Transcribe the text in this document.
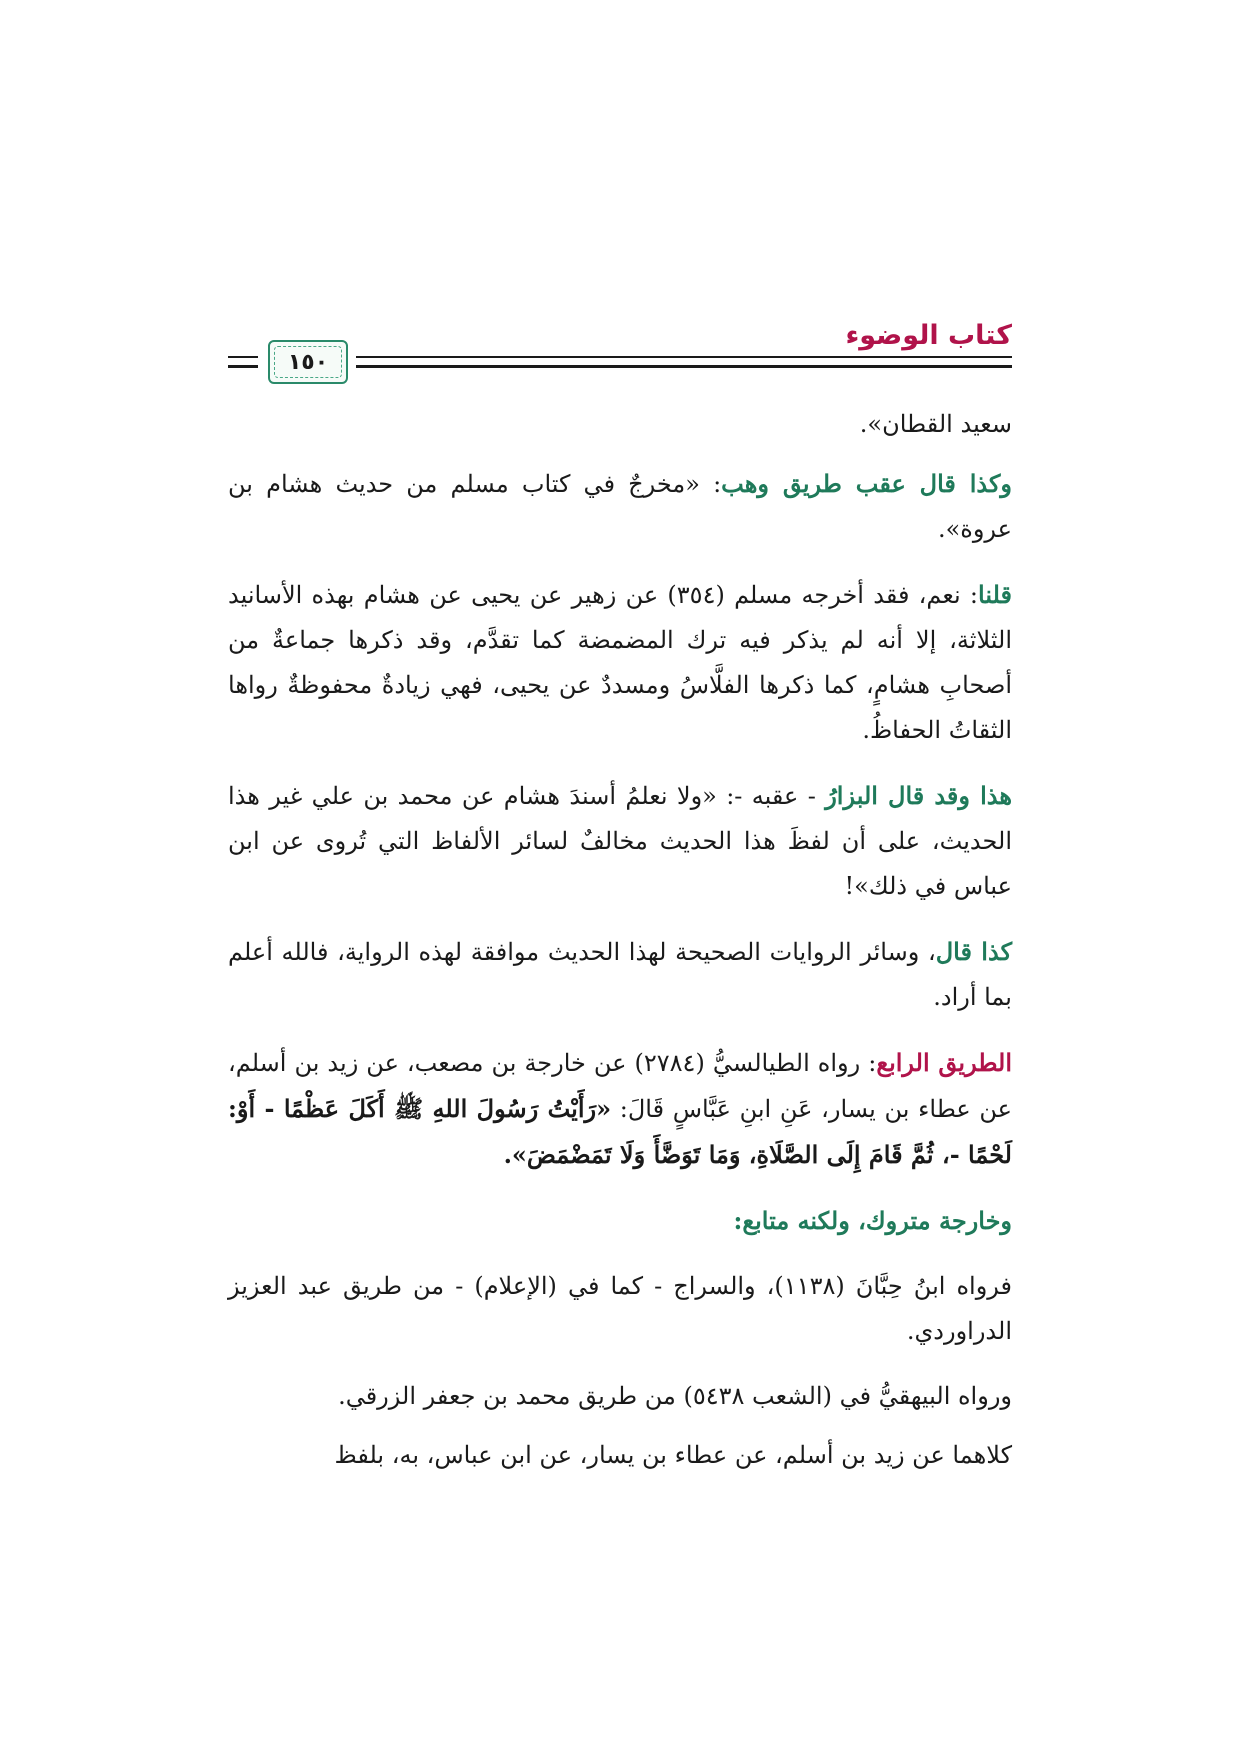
كتاب الوضوء
١٥٠

سعيد القطان».

وكذا قال عقب طريق وهب: «مخرجٌ في كتاب مسلم من حديث هشام بن عروة».

قلنا: نعم، فقد أخرجه مسلم (٣٥٤) عن زهير عن يحيى عن هشام بهذه الأسانيد الثلاثة، إلا أنه لم يذكر فيه ترك المضمضة كما تقدَّم، وقد ذكرها جماعةٌ من أصحابِ هشامٍ، كما ذكرها الفلَّاسُ ومسددٌ عن يحيى، فهي زيادةٌ محفوظةٌ رواها الثقاتُ الحفاظُ.

هذا وقد قال البزارُ - عقبه -: «ولا نعلمُ أسندَ هشام عن محمد بن علي غير هذا الحديث، على أن لفظَ هذا الحديث مخالفٌ لسائر الألفاظ التي تُروى عن ابن عباس في ذلك»!

كذا قال، وسائر الروايات الصحيحة لهذا الحديث موافقة لهذه الرواية، فالله أعلم بما أراد.

الطريق الرابع: رواه الطيالسيُّ (٢٧٨٤) عن خارجة بن مصعب، عن زيد بن أسلم، عن عطاء بن يسار، عَنِ ابنِ عَبَّاسٍ قَالَ: «رَأَيْتُ رَسُولَ اللهِ ﷺ أَكَلَ عَظْمًا - أَوْ: لَحْمًا -، ثُمَّ قَامَ إِلَى الصَّلَاةِ، وَمَا تَوَضَّأَ وَلَا تَمَضْمَضَ».

وخارجة متروك، ولكنه متابع:

فرواه ابنُ حِبَّانَ (١١٣٨)، والسراج - كما في (الإعلام) - من طريق عبد العزيز الدراوردي.

ورواه البيهقيُّ في (الشعب ٥٤٣٨) من طريق محمد بن جعفر الزرقي.

كلاهما عن زيد بن أسلم، عن عطاء بن يسار، عن ابن عباس، به، بلفظ
